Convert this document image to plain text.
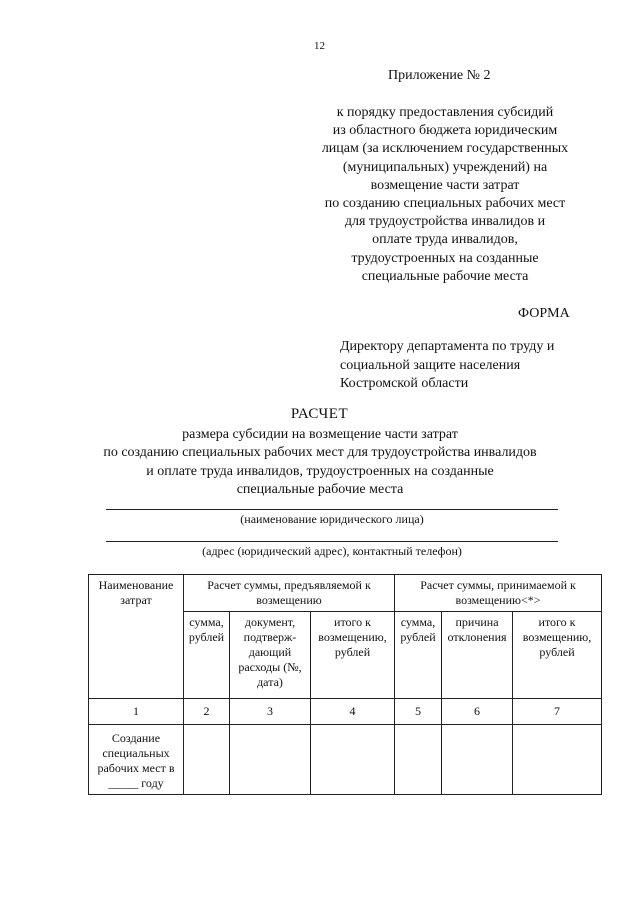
12
Приложение № 2
к порядку предоставления субсидий
из областного бюджета юридическим
лицам (за исключением государственных
(муниципальных) учреждений) на
возмещение части затрат
по созданию специальных рабочих мест
для трудоустройства инвалидов и
оплате труда инвалидов,
трудоустроенных на созданные
специальные рабочие места
ФОРМА
Директору департамента по труду и
социальной защите населения
Костромской области
РАСЧЕТ
размера субсидии на возмещение части затрат
по созданию специальных рабочих мест для трудоустройства инвалидов
и оплате труда инвалидов, трудоустроенных на созданные
специальные рабочие места
(наименование юридического лица)
(адрес (юридический адрес), контактный телефон)
Наименование затрат	Расчет суммы, предъявляемой к возмещению			Расчет суммы, принимаемой к возмещению<*>		
	сумма, рублей	документ, подтверж-дающий расходы (№, дата)	итого к возмещению, рублей	сумма, рублей	причина отклонения	итого к возмещению, рублей
1	2	3	4	5	6	7
Создание специальных рабочих мест в _____ году						
